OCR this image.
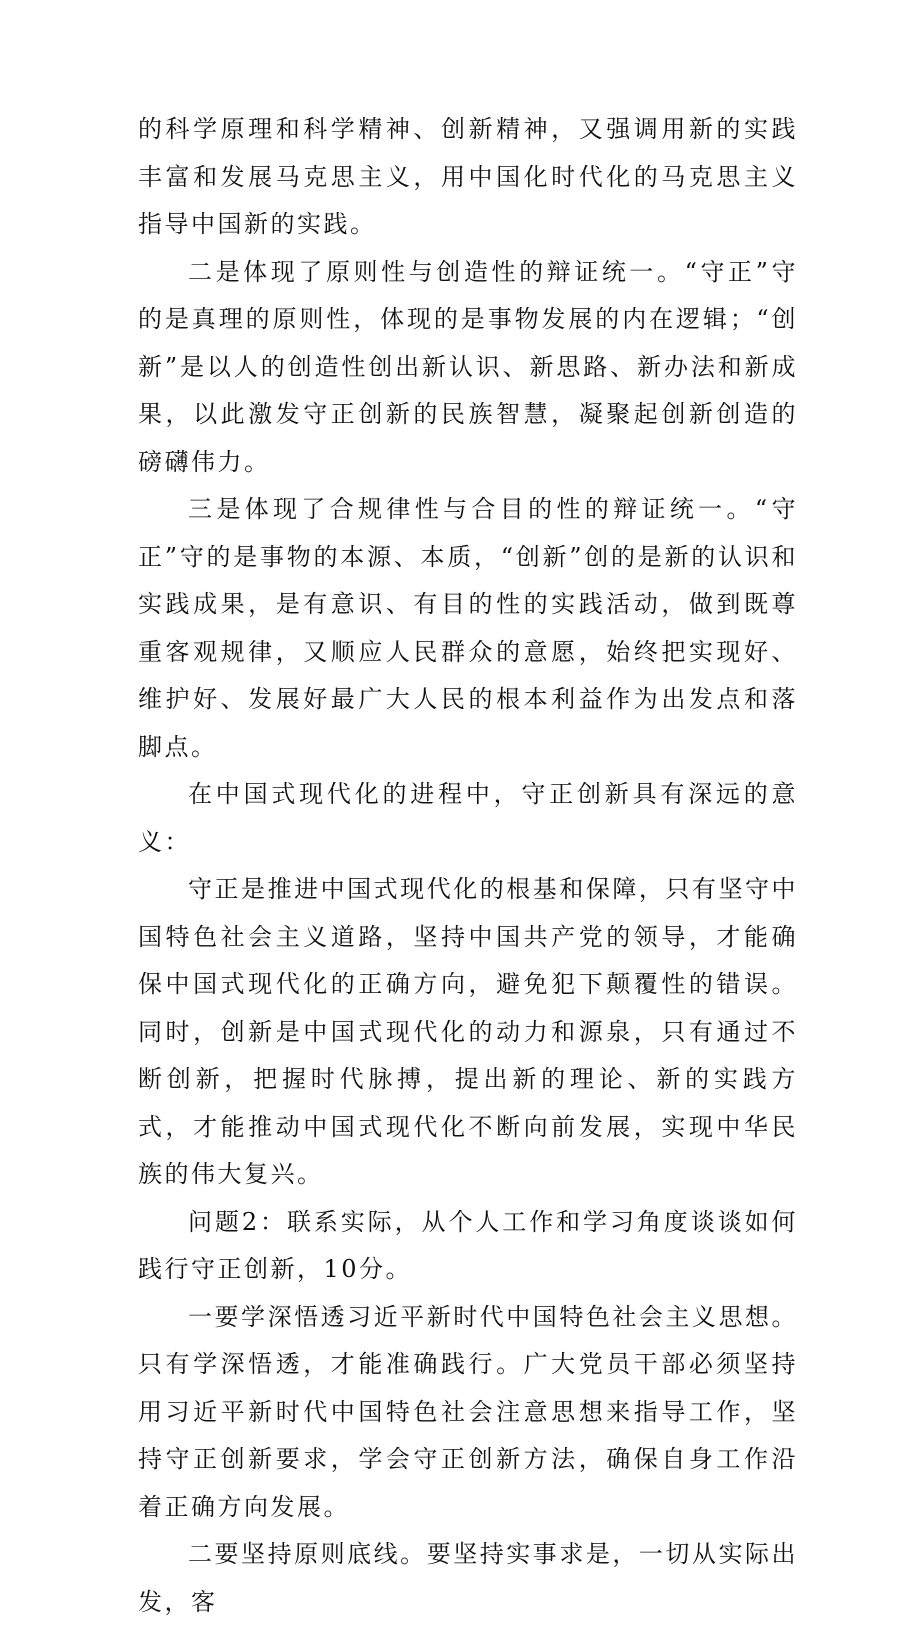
的科学原理和科学精神、创新精神，又强调用新的实践丰富和发展马克思主义，用中国化时代化的马克思主义指导中国新的实践。

二是体现了原则性与创造性的辩证统一。“守正”守的是真理的原则性，体现的是事物发展的内在逻辑；“创新”是以人的创造性创出新认识、新思路、新办法和新成果，以此激发守正创新的民族智慧，凝聚起创新创造的磅礴伟力。

三是体现了合规律性与合目的性的辩证统一。“守正”守的是事物的本源、本质，“创新”创的是新的认识和实践成果，是有意识、有目的性的实践活动，做到既尊重客观规律，又顺应人民群众的意愿，始终把实现好、维护好、发展好最广大人民的根本利益作为出发点和落脚点。

在中国式现代化的进程中，守正创新具有深远的意义：

守正是推进中国式现代化的根基和保障，只有坚守中国特色社会主义道路，坚持中国共产党的领导，才能确保中国式现代化的正确方向，避免犯下颠覆性的错误。同时，创新是中国式现代化的动力和源泉，只有通过不断创新，把握时代脉搏，提出新的理论、新的实践方式，才能推动中国式现代化不断向前发展，实现中华民族的伟大复兴。

问题2：联系实际，从个人工作和学习角度谈谈如何践行守正创新，10分。

一要学深悟透习近平新时代中国特色社会主义思想。只有学深悟透，才能准确践行。广大党员干部必须坚持用习近平新时代中国特色社会注意思想来指导工作，坚持守正创新要求，学会守正创新方法，确保自身工作沿着正确方向发展。

二要坚持原则底线。要坚持实事求是，一切从实际出发，客
